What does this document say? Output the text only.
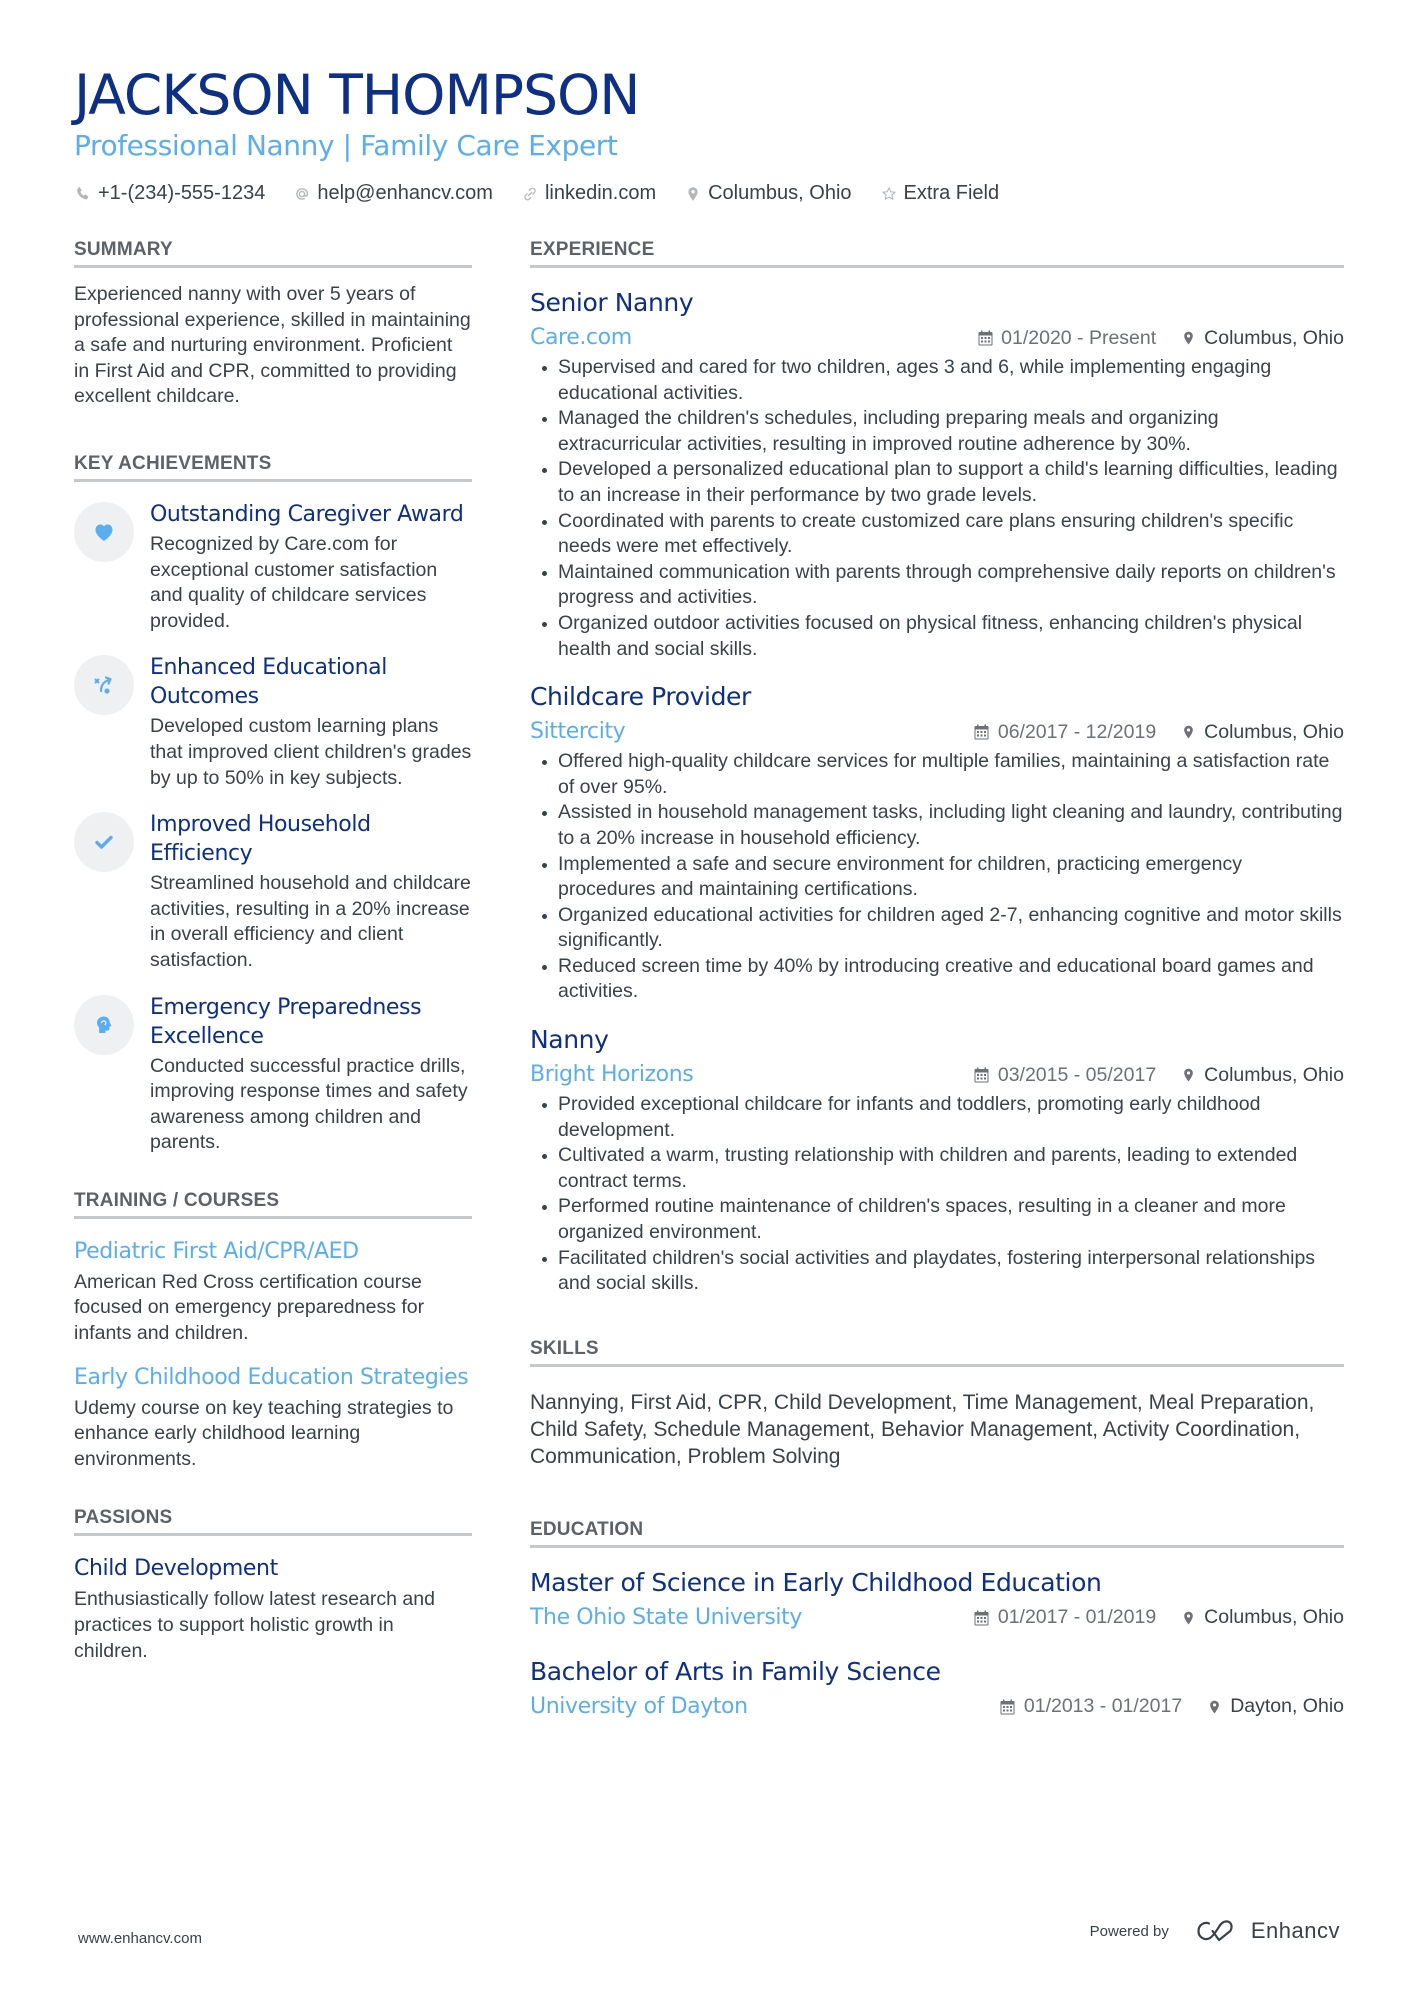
JACKSON THOMPSON
Professional Nanny | Family Care Expert
+1-(234)-555-1234	help@enhancv.com	linkedin.com	Columbus, Ohio	Extra Field
SUMMARY

Experienced nanny with over 5 years of professional experience, skilled in maintaining a safe and nurturing environment. Proficient in First Aid and CPR, committed to providing excellent childcare.

KEY ACHIEVEMENTS
Outstanding Caregiver Award
Recognized by Care.com for exceptional customer satisfaction and quality of childcare services provided.
Enhanced Educational Outcomes
Developed custom learning plans that improved client children's grades by up to 50% in key subjects.
Improved Household Efficiency
Streamlined household and childcare activities, resulting in a 20% increase in overall efficiency and client satisfaction.
Emergency Preparedness Excellence
Conducted successful practice drills, improving response times and safety awareness among children and parents.
TRAINING / COURSES
Pediatric First Aid/CPR/AED
American Red Cross certification course focused on emergency preparedness for infants and children.
Early Childhood Education Strategies
Udemy course on key teaching strategies to enhance early childhood learning environments.
PASSIONS
Child Development
Enthusiastically follow latest research and practices to support holistic growth in children.
EXPERIENCE
Senior Nanny
Care.com	01/2020 - Present Columbus, Ohio
Supervised and cared for two children, ages 3 and 6, while implementing engaging educational activities.
Managed the children's schedules, including preparing meals and organizing extracurricular activities, resulting in improved routine adherence by 30%.
Developed a personalized educational plan to support a child's learning difficulties, leading to an increase in their performance by two grade levels.
Coordinated with parents to create customized care plans ensuring children's specific needs were met effectively.
Maintained communication with parents through comprehensive daily reports on children's progress and activities.
Organized outdoor activities focused on physical fitness, enhancing children's physical health and social skills.
Childcare Provider
Sittercity	06/2017 - 12/2019 Columbus, Ohio
Offered high-quality childcare services for multiple families, maintaining a satisfaction rate of over 95%.
Assisted in household management tasks, including light cleaning and laundry, contributing to a 20% increase in household efficiency.
Implemented a safe and secure environment for children, practicing emergency procedures and maintaining certifications.
Organized educational activities for children aged 2-7, enhancing cognitive and motor skills significantly.
Reduced screen time by 40% by introducing creative and educational board games and activities.
Nanny
Bright Horizons	03/2015 - 05/2017 Columbus, Ohio
Provided exceptional childcare for infants and toddlers, promoting early childhood development.
Cultivated a warm, trusting relationship with children and parents, leading to extended contract terms.
Performed routine maintenance of children's spaces, resulting in a cleaner and more organized environment.
Facilitated children's social activities and playdates, fostering interpersonal relationships and social skills.
SKILLS

Nannying, First Aid, CPR, Child Development, Time Management, Meal Preparation, Child Safety, Schedule Management, Behavior Management, Activity Coordination, Communication, Problem Solving

EDUCATION
Master of Science in Early Childhood Education
The Ohio State University	01/2017 - 01/2019 Columbus, Ohio
Bachelor of Arts in Family Science
University of Dayton	01/2013 - 01/2017 Dayton, Ohio
www.enhancv.com	Powered by	Enhancv
